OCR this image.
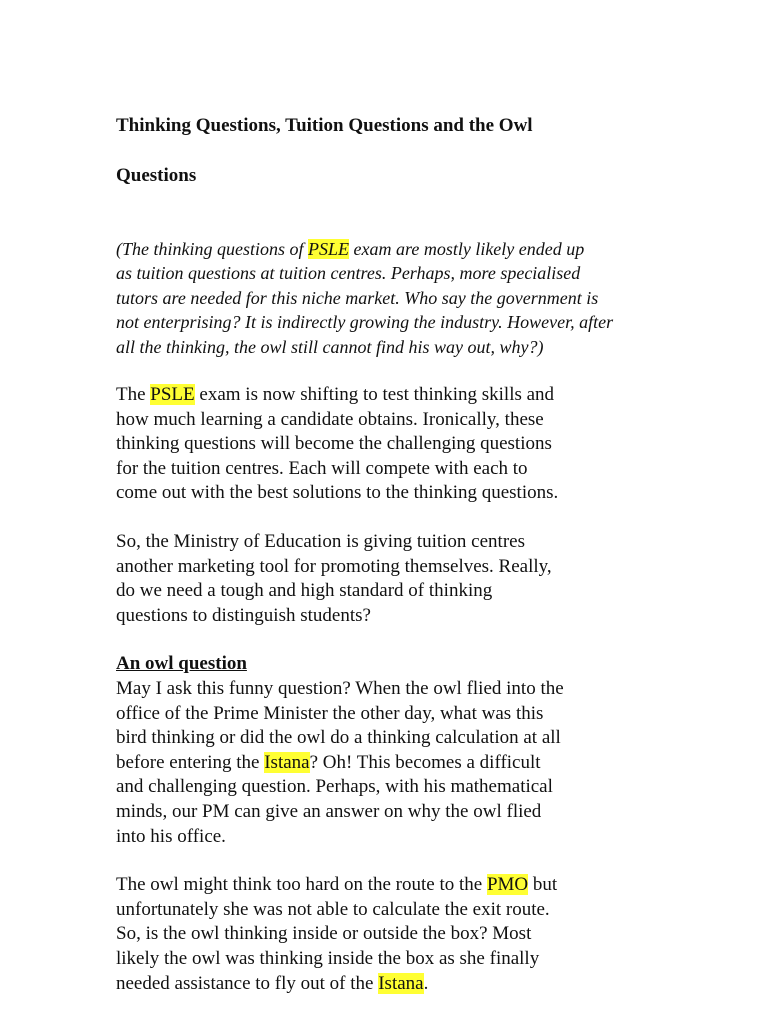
Thinking Questions, Tuition Questions and the Owl

Questions

(The thinking questions of PSLE exam are mostly likely ended up
as tuition questions at tuition centres. Perhaps, more specialised
tutors are needed for this niche market. Who say the government is
not enterprising? It is indirectly growing the industry. However, after
all the thinking, the owl still cannot find his way out, why?)

The PSLE exam is now shifting to test thinking skills and
how much learning a candidate obtains. Ironically, these
thinking questions will become the challenging questions
for the tuition centres. Each will compete with each to
come out with the best solutions to the thinking questions.

So, the Ministry of Education is giving tuition centres
another marketing tool for promoting themselves. Really,
do we need a tough and high standard of thinking
questions to distinguish students?

An owl question

May I ask this funny question? When the owl flied into the
office of the Prime Minister the other day, what was this
bird thinking or did the owl do a thinking calculation at all
before entering the Istana? Oh! This becomes a difficult
and challenging question. Perhaps, with his mathematical
minds, our PM can give an answer on why the owl flied
into his office.

The owl might think too hard on the route to the PMO but
unfortunately she was not able to calculate the exit route.
So, is the owl thinking inside or outside the box? Most
likely the owl was thinking inside the box as she finally
needed assistance to fly out of the Istana.
